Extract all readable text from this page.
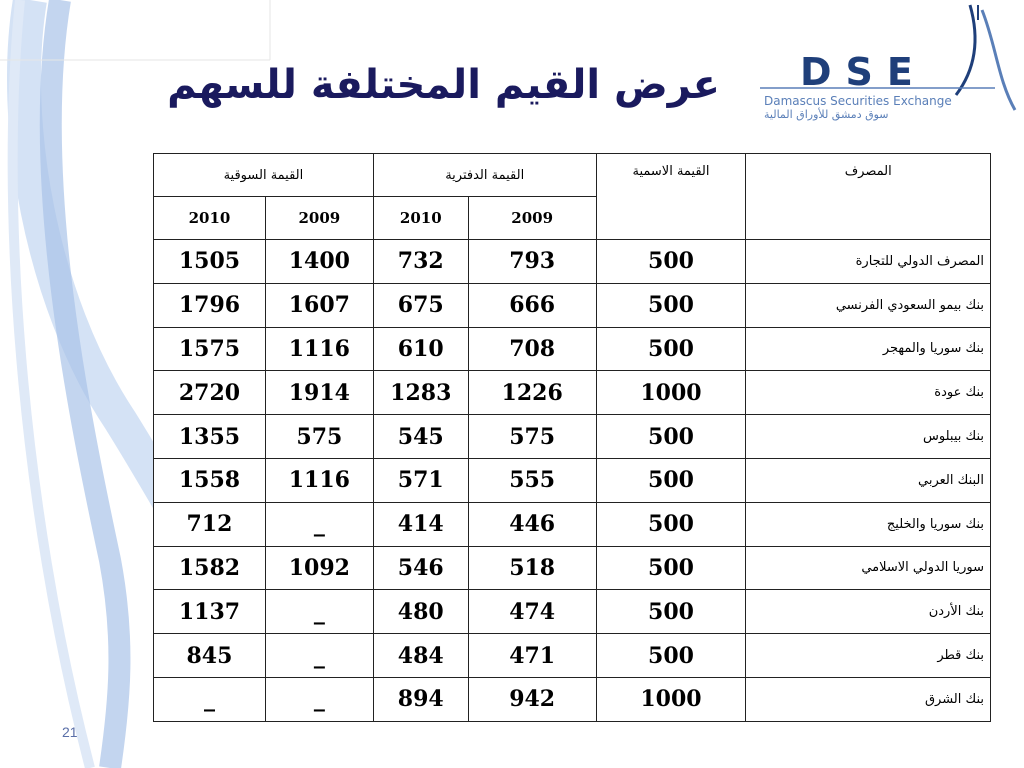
عرض القيم المختلفة للسهم DSE
Damascus Securities Exchange
سوق دمشق للأوراق المالية
المصرف	القيمة الاسمية	القيمة الدفترية		القيمة السوقية	
		2009	2010	2009	2010
المصرف الدولي للتجارة	500	793	732	1400	1505
بنك بيمو السعودي الفرنسي	500	666	675	1607	1796
بنك سوريا والمهجر	500	708	610	1116	1575
بنك عودة	1000	1226	1283	1914	2720
بنك بيبلوس	500	575	545	575	1355
البنك العربي	500	555	571	1116	1558
بنك سوريا والخليج	500	446	414	_	712
سوريا الدولي الاسلامي	500	518	546	1092	1582
بنك الأردن	500	474	480	_	1137
بنك قطر	500	471	484	_	845
بنك الشرق	1000	942	894	_	_
21
